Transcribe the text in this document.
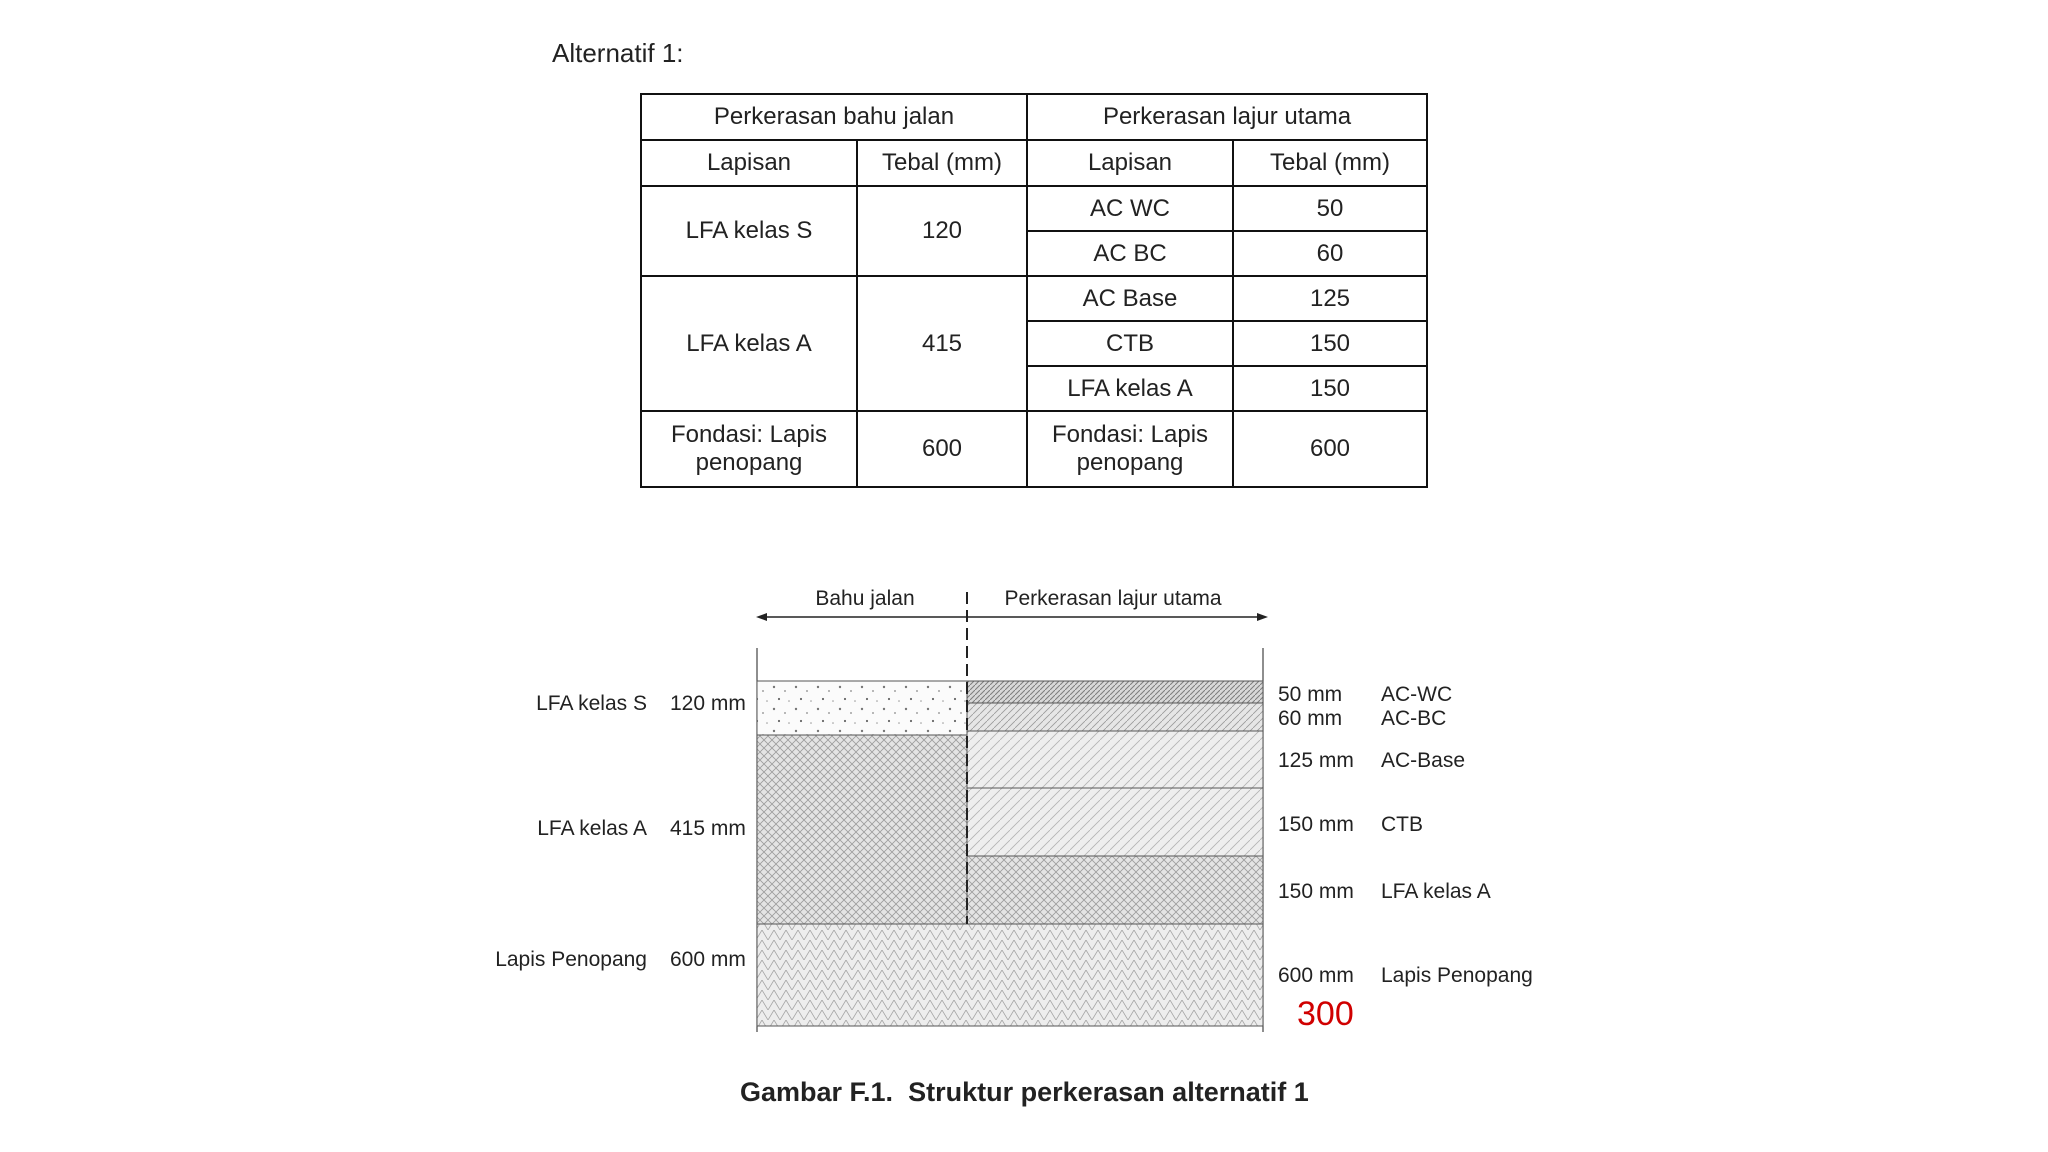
Alternatif 1:
Perkerasan bahu jalan		Perkerasan lajur utama	
Lapisan	Tebal (mm)	Lapisan	Tebal (mm)
LFA kelas S	120	AC WC	50
		AC BC	60
LFA kelas A	415	AC Base	125
		CTB	150
		LFA kelas A	150
Fondasi: Lapis penopang	600	Fondasi: Lapis penopang	600
Bahu jalan	Perkerasan lajur utama
LFA kelas S 120 mm
LFA kelas A 415 mm
Lapis Penopang 600 mm
50 mm AC-WC
60 mm AC-BC
125 mm AC-Base
150 mm CTB
150 mm LFA kelas A
600 mm Lapis Penopang
300
Gambar F.1. Struktur perkerasan alternatif 1
